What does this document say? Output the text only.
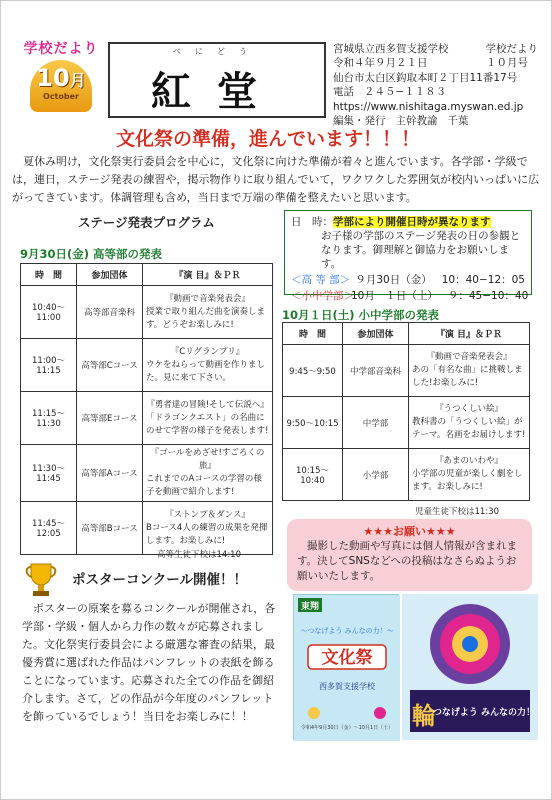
学校だより
10月
October
べにどう
紅堂
宮城県立西多賀支援学校	学校だより
令和４年９月２１日	１０月号
仙台市太白区鈎取本町２丁目11番17号
電話 ２４５−１１８３
https://www.nishitaga.myswan.ed.jp
編集・発行 主幹教諭 千葉
文化祭の準備，進んでいます！！！
夏休み明け，文化祭実行委員会を中心に，文化祭に向けた準備が着々と進んでいます。各学部・学級では，連日，ステージ発表の練習や，掲示物作りに取り組んでいて，ワクワクした雰囲気が校内いっぱいに広がってきています。体調管理も含め，当日まで万端の準備を整えたいと思います。
ステージ発表プログラム
9月30日(金) 高等部の発表
時　間	参加団体	『演 目』＆ＰＲ
10:40〜11:00	高等部音楽科	『動画で音楽発表会』
授業で取り組んだ曲を演奏します。どうぞお楽しみに!
11:00〜11:15	高等部Cコース	『Cリグランプリ』
ウケをねらって動画を作りました。見に来て下さい。
11:15〜11:30	高等部Eコース	『勇者達の冒険!そして伝説へ』
「ドラゴンクエスト」の名曲にのせて学習の様子を発表します!
11:30〜11:45	高等部Aコース	『ゴールをめざせ!すごろくの旅』
これまでのAコースの学習の様子を動画で紹介します!
11:45〜12:05	高等部Bコース	『ストンプ＆ダンス』
Bコース4人の練習の成果を発揮します。お楽しみに!
高等生徒下校は14:10
日　時：学部により開催日時が異なります
お子様の学部のステージ発表の日の参観となります。御理解と御協力をお願いします。
＜高 等 部＞ ９月30日（金） 10：40−12：05
＜小中学部＞
10月　１日（土） ９：45−10：40
10月１日(土) 小中学部の発表
時　間	参加団体	『演 目』＆ＰＲ
9:45〜9:50	中学部音楽科	『動画で音楽発表会』
あの「有名な曲」に挑戦しました!お楽しみに!
9:50〜10:15	中学部	『うつくしい絵』
教科書の「うつくしい絵」がテーマ。名画をお届けします!
10:15〜10:40	小学部	『あまのいわや』
小学部の児童が楽しく劇をします。お楽しみに!
児童生徒下校は11:30
★★★お願い★★★
撮影した動画や写真には個人情報が含まれます。決してSNSなどへの投稿はなさらぬようお願いいたします。
ポスターコンクール開催！！
ポスターの原案を募るコンクールが開催され，各学部・学級・個人から力作の数々が応募されました。文化祭実行委員会による厳選な審査の結果，最優秀賞に選ばれた作品はパンフレットの表紙を飾ることになっています。応募された全ての作品を御紹介します。さて，どの作品が今年度のパンフレットを飾っているでしょう！当日をお楽しみに！！
東翔
〜つなげよう みんなの力！〜
文化祭
西多賀支援学校
令和4年9月30日（金）〜10月1日（土） 輪
つなげよう みんなの力！
